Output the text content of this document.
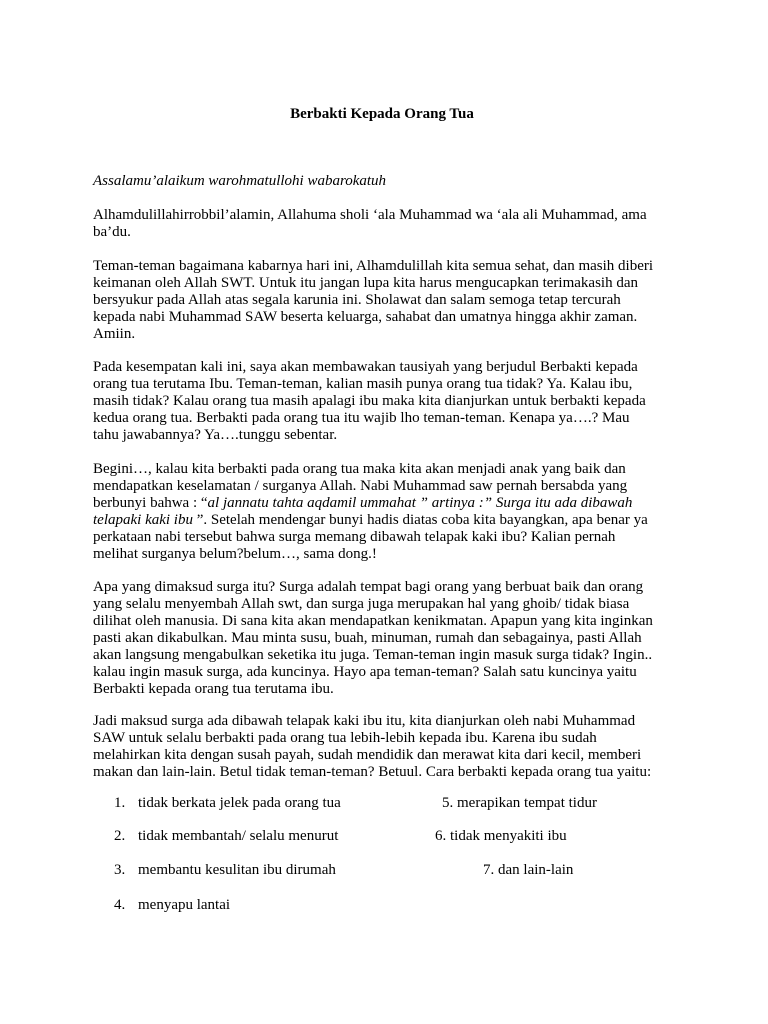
Berbakti Kepada Orang Tua
Assalamu’alaikum warohmatullohi wabarokatuh

Alhamdulillahirrobbil’alamin, Allahuma sholi ‘ala Muhammad wa ‘ala ali Muhammad, ama
ba’du.

Teman-teman bagaimana kabarnya hari ini, Alhamdulillah kita semua sehat, dan masih diberi
keimanan oleh Allah SWT. Untuk itu jangan lupa kita harus mengucapkan terimakasih dan
bersyukur pada Allah atas segala karunia ini. Sholawat dan salam semoga tetap tercurah
kepada nabi Muhammad SAW beserta keluarga, sahabat dan umatnya hingga akhir zaman.
Amiin.

Pada kesempatan kali ini, saya akan membawakan tausiyah yang berjudul Berbakti kepada
orang tua terutama Ibu. Teman-teman, kalian masih punya orang tua tidak? Ya. Kalau ibu,
masih tidak? Kalau orang tua masih apalagi ibu maka kita dianjurkan untuk berbakti kepada
kedua orang tua. Berbakti pada orang tua itu wajib lho teman-teman. Kenapa ya….? Mau
tahu jawabannya? Ya….tunggu sebentar.

Begini…, kalau kita berbakti pada orang tua maka kita akan menjadi anak yang baik dan
mendapatkan keselamatan / surganya Allah. Nabi Muhammad saw pernah bersabda yang
berbunyi bahwa : “al jannatu tahta aqdamil ummahat ” artinya :” Surga itu ada dibawah
telapaki kaki ibu ”. Setelah mendengar bunyi hadis diatas coba kita bayangkan, apa benar ya
perkataan nabi tersebut bahwa surga memang dibawah telapak kaki ibu? Kalian pernah
melihat surganya belum?belum…, sama dong.!

Apa yang dimaksud surga itu? Surga adalah tempat bagi orang yang berbuat baik dan orang
yang selalu menyembah Allah swt, dan surga juga merupakan hal yang ghoib/ tidak biasa
dilihat oleh manusia. Di sana kita akan mendapatkan kenikmatan. Apapun yang kita inginkan
pasti akan dikabulkan. Mau minta susu, buah, minuman, rumah dan sebagainya, pasti Allah
akan langsung mengabulkan seketika itu juga. Teman-teman ingin masuk surga tidak? Ingin..
kalau ingin masuk surga, ada kuncinya. Hayo apa teman-teman? Salah satu kuncinya yaitu
Berbakti kepada orang tua terutama ibu.

Jadi maksud surga ada dibawah telapak kaki ibu itu, kita dianjurkan oleh nabi Muhammad
SAW untuk selalu berbakti pada orang tua lebih-lebih kepada ibu. Karena ibu sudah
melahirkan kita dengan susah payah, sudah mendidik dan merawat kita dari kecil, memberi
makan dan lain-lain. Betul tidak teman-teman? Betuul. Cara berbakti kepada orang tua yaitu:

1. tidak berkata jelek pada orang tua
2. tidak membantah/ selalu menurut
3. membantu kesulitan ibu dirumah
4. menyapu lantai
5. merapikan tempat tidur
6. tidak menyakiti ibu
7. dan lain-lain
